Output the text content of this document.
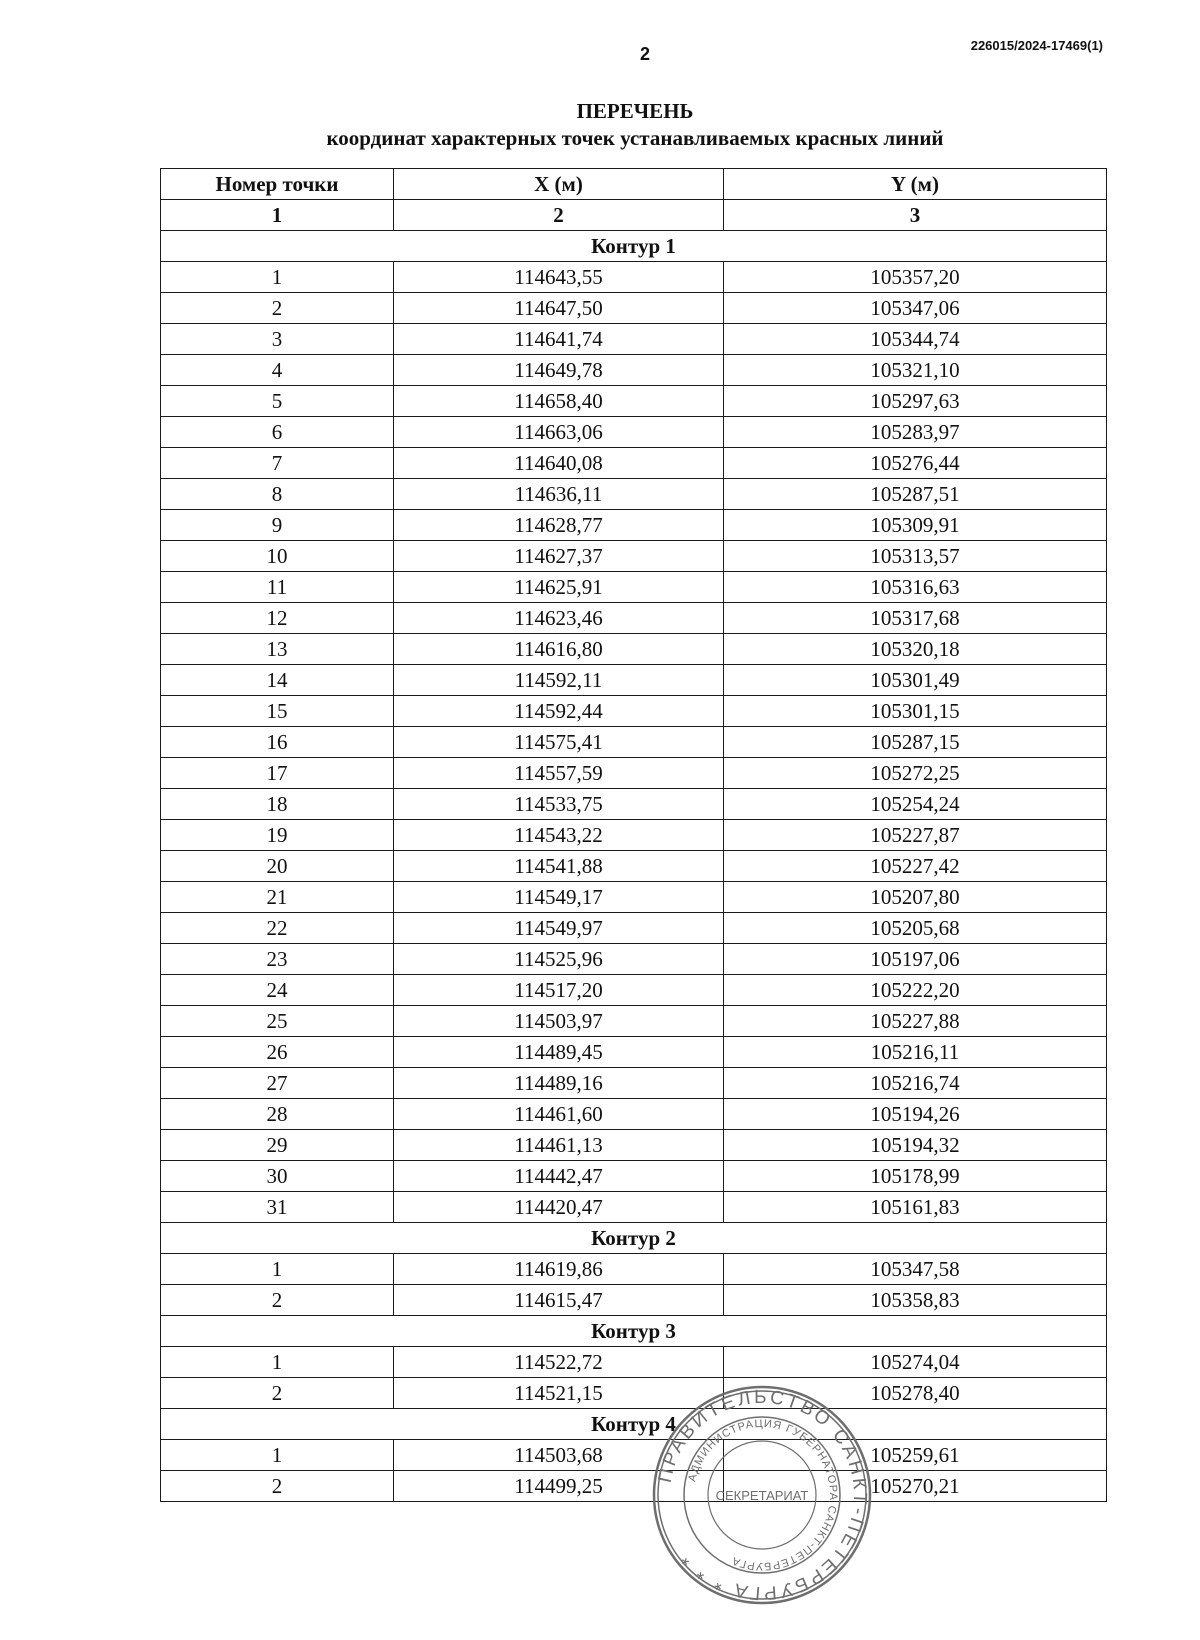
2	226015/2024-17469(1)
ПЕРЕЧЕНЬ
координат характерных точек устанавливаемых красных линий
Номер точки	X (м)	Y (м)
1	2	3
Контур 1		
1	114643,55	105357,20
2	114647,50	105347,06
3	114641,74	105344,74
4	114649,78	105321,10
5	114658,40	105297,63
6	114663,06	105283,97
7	114640,08	105276,44
8	114636,11	105287,51
9	114628,77	105309,91
10	114627,37	105313,57
11	114625,91	105316,63
12	114623,46	105317,68
13	114616,80	105320,18
14	114592,11	105301,49
15	114592,44	105301,15
16	114575,41	105287,15
17	114557,59	105272,25
18	114533,75	105254,24
19	114543,22	105227,87
20	114541,88	105227,42
21	114549,17	105207,80
22	114549,97	105205,68
23	114525,96	105197,06
24	114517,20	105222,20
25	114503,97	105227,88
26	114489,45	105216,11
27	114489,16	105216,74
28	114461,60	105194,26
29	114461,13	105194,32
30	114442,47	105178,99
31	114420,47	105161,83
Контур 2		
1	114619,86	105347,58
2	114615,47	105358,83
Контур 3		
1	114522,72	105274,04
2	114521,15	105278,40
Контур 4		
1	114503,68	105259,61
2	114499,25	105270,21
ПРАВИТЕЛЬСТВО САНКТ-ПЕТЕРБУРГА * * *
АДМИНИСТРАЦИЯ ГУБЕРНАТОРА САНКТ-ПЕТЕРБУРГА
СЕКРЕТАРИАТ
